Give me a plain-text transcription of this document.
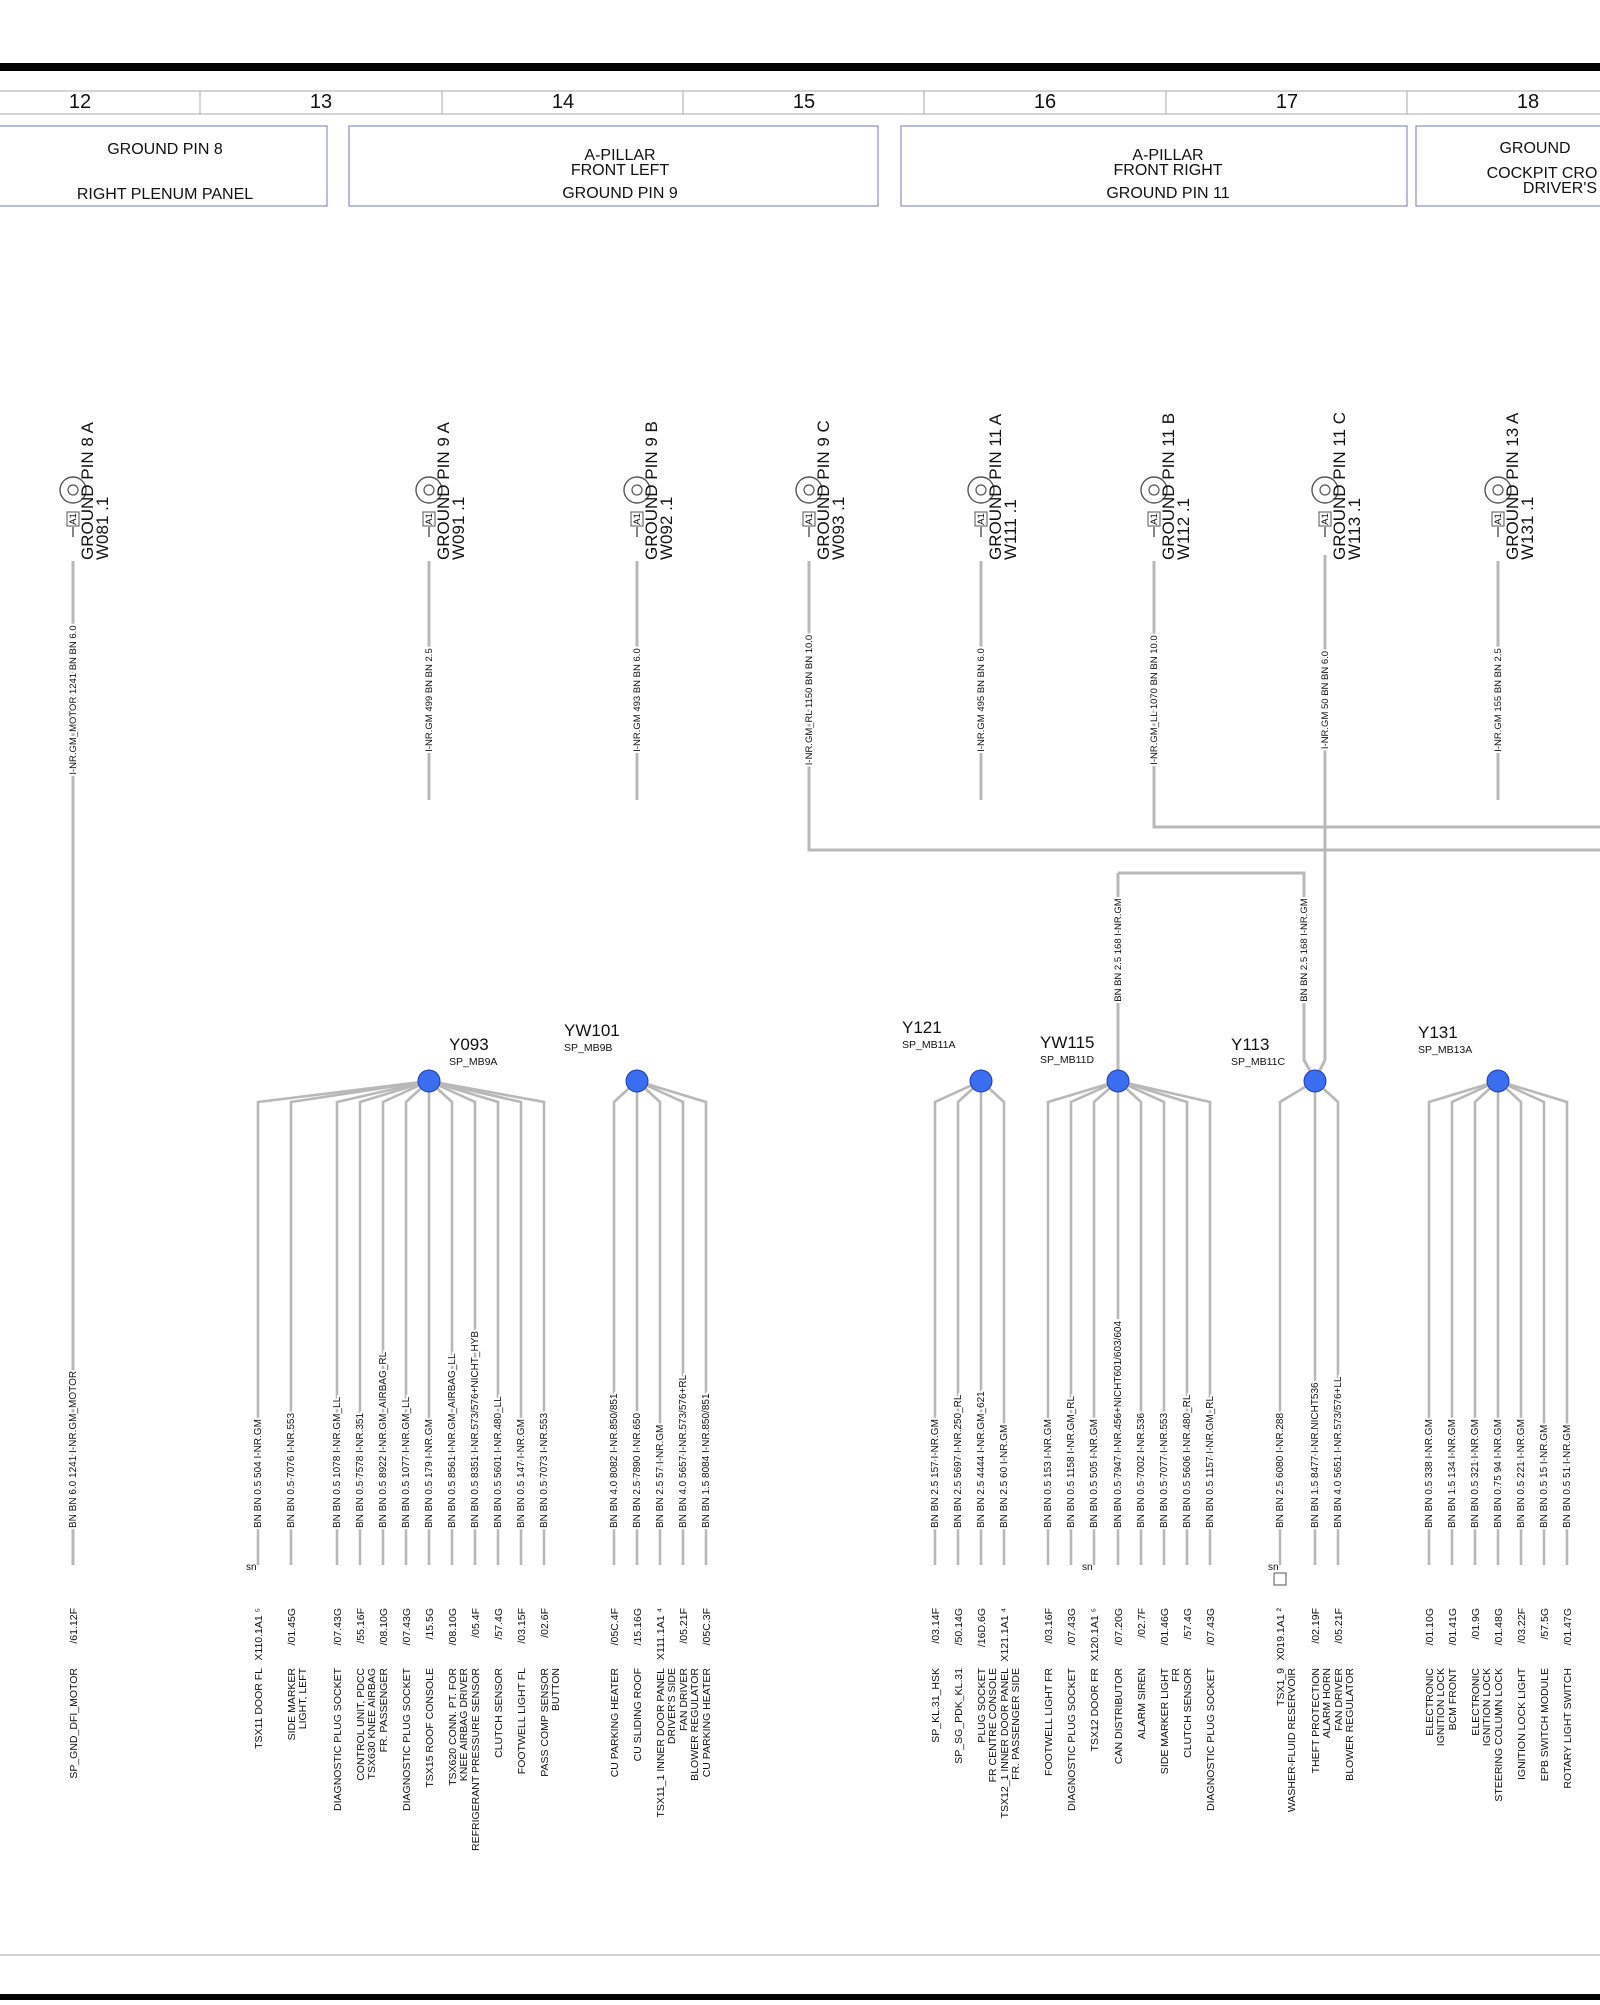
12	13	14	15	16	17	18
GROUND PIN 8
RIGHT PLENUM PANEL
A-PILLAR
FRONT LEFT
GROUND PIN 9
A-PILLAR
FRONT RIGHT
GROUND PIN 11
GROUND
COCKPIT CRO
DRIVER'S
A1 GROUND PIN 8 A
W081 .1
I-NR.GM_MOTOR 1241 BN BN 6.0
A1 GROUND PIN 9 A
W091 .1
I-NR.GM 499 BN BN 2.5
A1 GROUND PIN 9 B
W092 .1
I-NR.GM 493 BN BN 6.0
A1 GROUND PIN 9 C
W093 .1
I-NR.GM_RL 1150 BN BN 10.0
A1 GROUND PIN 11 A
W111 .1
I-NR.GM 495 BN BN 6.0
A1 GROUND PIN 11 B
W112 .1
I-NR.GM_LL 1070 BN BN 10.0
A1 GROUND PIN 11 C
W113 .1
I-NR.GM 50 BN BN 6.0
A1 GROUND PIN 13 A
W131 .1
I-NR.GM 155 BN BN 2.5
BN BN 2.5 168 I-NR.GM	BN BN 2.5 168 I-NR.GM
Y093
SP_MB9A
YW101
SP_MB9B
Y121
SP_MB11A	YW115
SP_MB11D
Y113
SP_MB11C
Y131
SP_MB13A
BN BN 6.0 1241 I-NR.GM_MOTOR
/61.12F
SP_GND_DFI_MOTOR
BN BN 0.5 504 I-NR.GM
X110.1A1 ⁵
TSX11 DOOR FL
sn
BN BN 0.5 7076 I-NR.553
/01.45G
SIDE MARKER LIGHT, LEFT
BN BN 0.5 1078 I-NR.GM_LL
/07.43G
DIAGNOSTIC PLUG SOCKET
BN BN 0.5 7578 I-NR.351
/55.16F
CONTROL UNIT, PDCC TSX630 KNEE AIRBAG
BN BN 0.5 8922 I-NR.GM_AIRBAG_RL
/08.10G
FR. PASSENGER
BN BN 0.5 1077 I-NR.GM_LL
/07.43G
DIAGNOSTIC PLUG SOCKET
BN BN 0.5 179 I-NR.GM
/15.5G
TSX15 ROOF CONSOLE
BN BN 0.5 8561 I-NR.GM_AIRBAG_LL
/08.10G
TSX620 CONN. PT. FOR KNEE AIRBAG DRIVER
BN BN 0.5 8351 I-NR.573/576+NICHT_HYB
/05.4F
REFRIGERANT PRESSURE SENSOR
BN BN 0.5 5601 I-NR.480_LL
/57.4G
CLUTCH SENSOR
BN BN 0.5 147 I-NR.GM
/03.15F
FOOTWELL LIGHT FL
BN BN 0.5 7073 I-NR.553
/02.6F
PASS COMP SENSOR BUTTON
BN BN 4.0 8082 I-NR.850/851
/05C.4F
CU PARKING HEATER
BN BN 2.5 7890 I-NR.650
/15.16G
CU SLIDING ROOF
BN BN 2.5 57 I-NR.GM
X111.1A1 ⁴
TSX11_1 INNER DOOR PANEL DRIVER'S SIDE
BN BN 4.0 5657 I-NR.573/576+RL
/05.21F
FAN DRIVER BLOWER REGULATOR
BN BN 1.5 8084 I-NR.850/851
/05C.3F
CU PARKING HEATER
BN BN 2.5 157 I-NR.GM
/03.14F
SP_KL.31_HSK
BN BN 2.5 5697 I-NR.250_RL
/50.14G
SP_SG_PDK_KL.31
BN BN 2.5 4444 I-NR.GM_621
/16D.6G
PLUG SOCKET FR CENTRE CONSOLE
BN BN 2.5 60 I-NR.GM
X121.1A1 ⁴
TSX12_1 INNER DOOR PANEL FR. PASSENGER SIDE
BN BN 0.5 153 I-NR.GM
/03.16F
FOOTWELL LIGHT FR
BN BN 0.5 1158 I-NR.GM_RL
/07.43G
DIAGNOSTIC PLUG SOCKET
BN BN 0.5 505 I-NR.GM
X120.1A1 ⁵
TSX12 DOOR FR
sn
BN BN 0.5 7947 I-NR.456+NICHT601/603/604
/07.20G
CAN DISTRIBUTOR
BN BN 0.5 7002 I-NR.536
/02.7F
ALARM SIREN
BN BN 0.5 7077 I-NR.553
/01.46G
SIDE MARKER LIGHT FR
BN BN 0.5 5606 I-NR.480_RL
/57.4G
CLUTCH SENSOR
BN BN 0.5 1157 I-NR.GM_RL
/07.43G
DIAGNOSTIC PLUG SOCKET
BN BN 2.5 6080 I-NR.288
X019.1A1 ²
TSX1_9 WASHER-FLUID RESERVOIR
sn
BN BN 1.5 8477 I-NR.NICHT536
/02.19F
THEFT PROTECTION ALARM HORN
BN BN 4.0 5651 I-NR.573/576+LL
/05.21F
FAN DRIVER BLOWER REGULATOR
BN BN 0.5 338 I-NR.GM
/01.10G
ELECTRONIC IGNITION LOCK
BN BN 1.5 134 I-NR.GM
/01.41G
BCM FRONT
BN BN 0.5 321 I-NR.GM
/01.9G
ELECTRONIC IGNITION LOCK
BN BN 0.75 94 I-NR.GM
/01.48G
STEERING COLUMN LOCK
BN BN 0.5 221 I-NR.GM
/03.22F
IGNITION LOCK LIGHT
BN BN 0.5 15 I-NR.GM
/57.5G
EPB SWITCH MODULE
BN BN 0.5 51 I-NR.GM
/01.47G
ROTARY LIGHT SWITCH
